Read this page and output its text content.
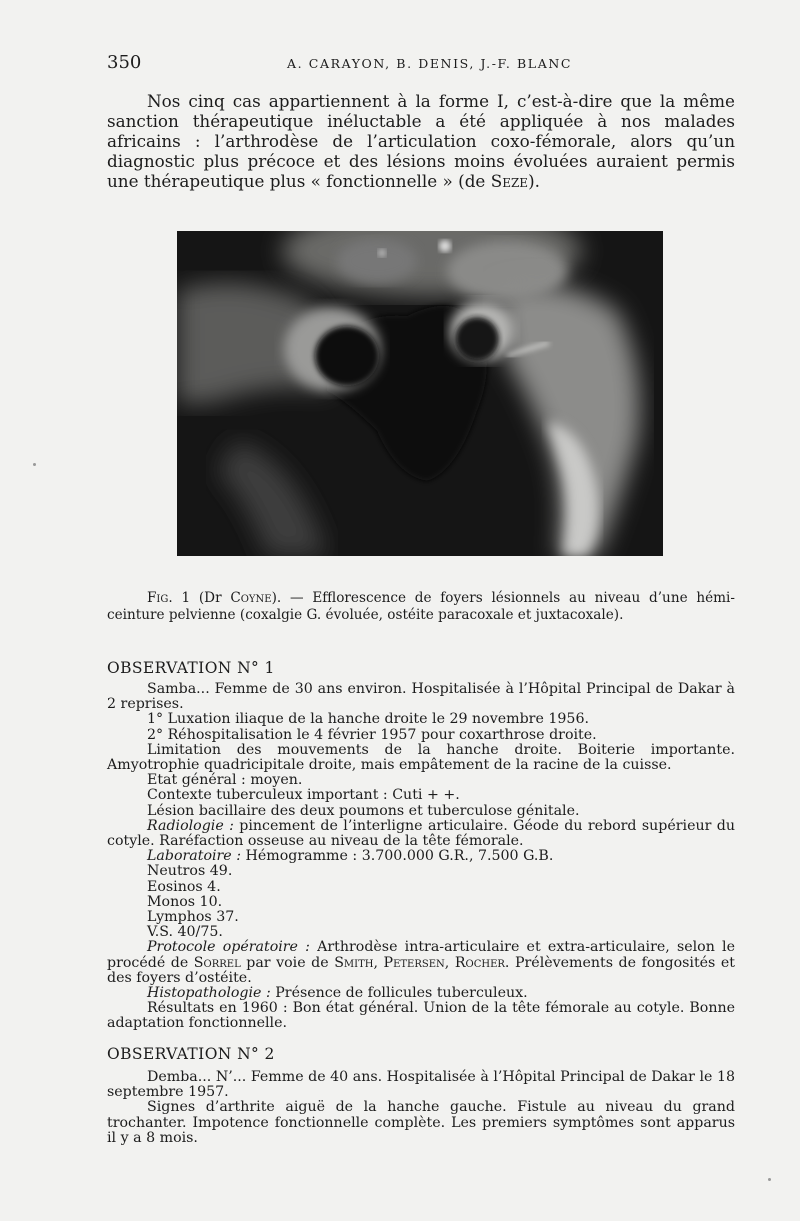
350	A. CARAYON, B. DENIS, J.-F. BLANC

Nos cinq cas appartiennent à la forme I, c’est-à-dire que la même sanction thérapeutique inéluctable a été appliquée à nos malades africains : l’arthrodèse de l’articulation coxo-fémorale, alors qu’un diagnostic plus précoce et des lésions moins évoluées auraient permis une thérapeutique plus « fonctionnelle » (de Seze).

Fig. 1 (Dr Coyne). — Efflorescence de foyers lésionnels au niveau d’une hémi-ceinture pelvienne (coxalgie G. évoluée, ostéite paracoxale et juxtacoxale).

OBSERVATION N° 1

Samba... Femme de 30 ans environ. Hospitalisée à l’Hôpital Principal de Dakar à 2 reprises.

1° Luxation iliaque de la hanche droite le 29 novembre 1956.

2° Réhospitalisation le 4 février 1957 pour coxarthrose droite.

Limitation des mouvements de la hanche droite. Boiterie importante. Amyotrophie quadricipitale droite, mais empâtement de la racine de la cuisse.

Etat général : moyen.

Contexte tuberculeux important : Cuti + +.

Lésion bacillaire des deux poumons et tuberculose génitale.

Radiologie : pincement de l’interligne articulaire. Géode du rebord supérieur du cotyle. Raréfaction osseuse au niveau de la tête fémorale.

Laboratoire : Hémogramme : 3.700.000 G.R., 7.500 G.B.

Neutros 49.

Eosinos 4.

Monos 10.

Lymphos 37.

V.S. 40/75.

Protocole opératoire : Arthrodèse intra-articulaire et extra-articulaire, selon le procédé de Sorrel par voie de Smith, Petersen, Rocher. Prélèvements de fongosités et des foyers d’ostéite.

Histopathologie : Présence de follicules tuberculeux.

Résultats en 1960 : Bon état général. Union de la tête fémorale au cotyle. Bonne adaptation fonctionnelle.

OBSERVATION N° 2

Demba... N’... Femme de 40 ans. Hospitalisée à l’Hôpital Principal de Dakar le 18 septembre 1957.

Signes d’arthrite aiguë de la hanche gauche. Fistule au niveau du grand trochanter. Impotence fonctionnelle complète. Les premiers symptômes sont apparus il y a 8 mois.
